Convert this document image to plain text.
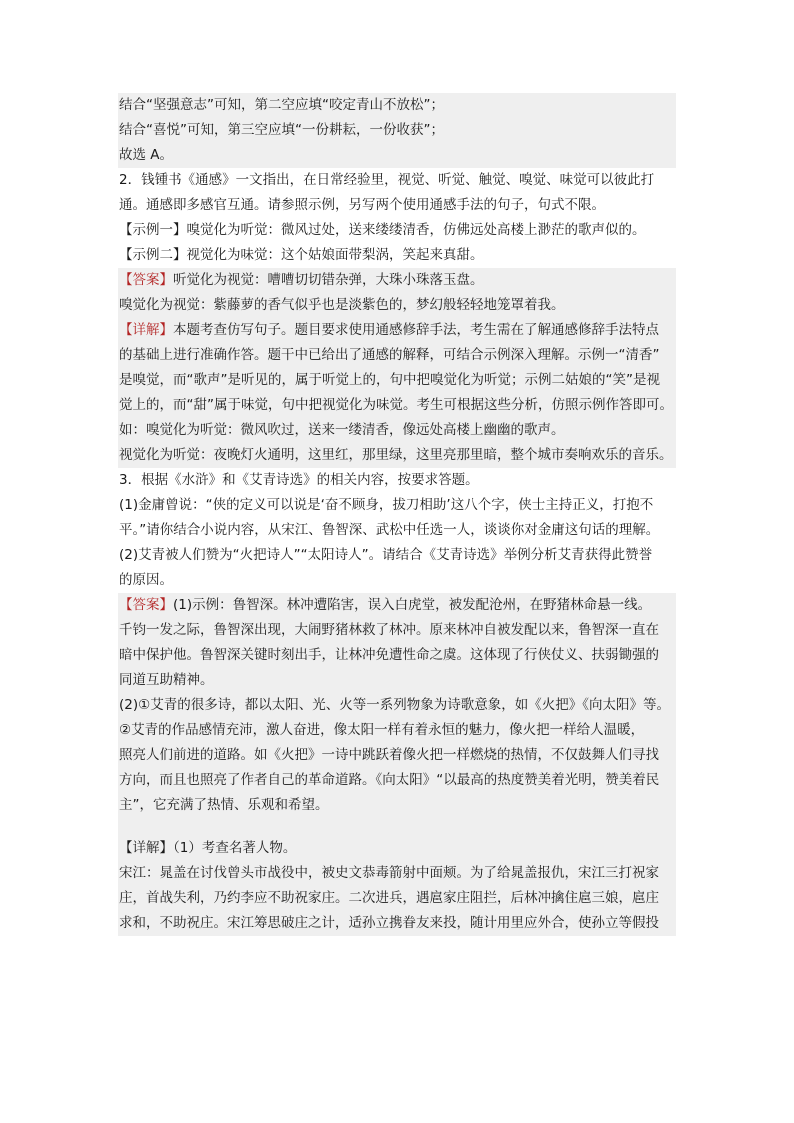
结合“坚强意志”可知，第二空应填“咬定青山不放松”；
结合“喜悦”可知，第三空应填“一份耕耘，一份收获”；
故选 A。
2．钱锺书《通感》一文指出，在日常经验里，视觉、听觉、触觉、嗅觉、味觉可以彼此打
通。通感即多感官互通。请参照示例，另写两个使用通感手法的句子，句式不限。
【示例一】嗅觉化为听觉：微风过处，送来缕缕清香，仿佛远处高楼上渺茫的歌声似的。
【示例二】视觉化为味觉：这个姑娘面带梨涡，笑起来真甜。
【答案】听觉化为视觉：嘈嘈切切错杂弹，大珠小珠落玉盘。
嗅觉化为视觉：紫藤萝的香气似乎也是淡紫色的，梦幻般轻轻地笼罩着我。
【详解】本题考查仿写句子。题目要求使用通感修辞手法，考生需在了解通感修辞手法特点
的基础上进行准确作答。题干中已给出了通感的解释，可结合示例深入理解。示例一“清香”
是嗅觉，而“歌声”是听见的，属于听觉上的，句中把嗅觉化为听觉；示例二姑娘的“笑”是视
觉上的，而“甜”属于味觉，句中把视觉化为味觉。考生可根据这些分析，仿照示例作答即可。
如：嗅觉化为听觉：微风吹过，送来一缕清香，像远处高楼上幽幽的歌声。
视觉化为听觉：夜晚灯火通明，这里红，那里绿，这里亮那里暗，整个城市奏响欢乐的音乐。
3．根据《水浒》和《艾青诗选》的相关内容，按要求答题。
(1)金庸曾说：“侠的定义可以说是‘奋不顾身，拔刀相助’这八个字，侠士主持正义，打抱不
平。”请你结合小说内容，从宋江、鲁智深、武松中任选一人，谈谈你对金庸这句话的理解。
(2)艾青被人们赞为“火把诗人”“太阳诗人”。请结合《艾青诗选》举例分析艾青获得此赞誉
的原因。
【答案】(1)示例：鲁智深。林冲遭陷害，误入白虎堂，被发配沧州，在野猪林命悬一线。
千钧一发之际，鲁智深出现，大闹野猪林救了林冲。原来林冲自被发配以来，鲁智深一直在
暗中保护他。鲁智深关键时刻出手，让林冲免遭性命之虞。这体现了行侠仗义、扶弱锄强的
同道互助精神。
(2)①艾青的很多诗，都以太阳、光、火等一系列物象为诗歌意象，如《火把》《向太阳》等。
②艾青的作品感情充沛，激人奋进，像太阳一样有着永恒的魅力，像火把一样给人温暖，
照亮人们前进的道路。如《火把》一诗中跳跃着像火把一样燃烧的热情，不仅鼓舞人们寻找
方向，而且也照亮了作者自己的革命道路。《向太阳》“以最高的热度赞美着光明，赞美着民
主”，它充满了热情、乐观和希望。
【详解】（1）考查名著人物。
宋江：晁盖在讨伐曾头市战役中，被史文恭毒箭射中面颊。为了给晁盖报仇，宋江三打祝家
庄，首战失利，乃约李应不助祝家庄。二次进兵，遇扈家庄阻拦，后林冲擒住扈三娘，扈庄
求和，不助祝庄。宋江筹思破庄之计，适孙立携眷友来投，随计用里应外合，使孙立等假投
